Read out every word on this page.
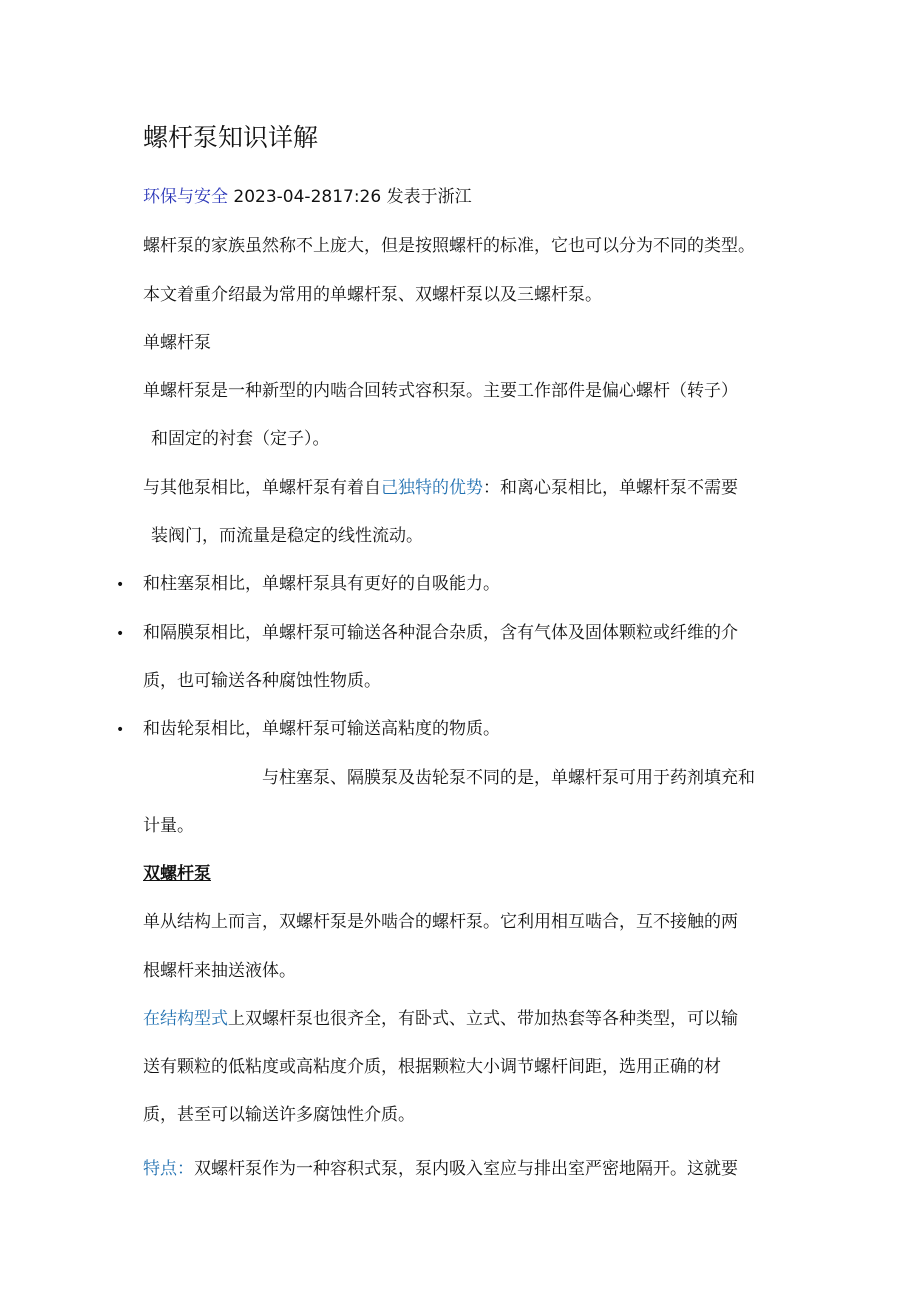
螺杆泵知识详解

环保与安全 2023-04-2817:26 发表于浙江

螺杆泵的家族虽然称不上庞大，但是按照螺杆的标准，它也可以分为不同的类型。

本文着重介绍最为常用的单螺杆泵、双螺杆泵以及三螺杆泵。

单螺杆泵

单螺杆泵是一种新型的内啮合回转式容积泵。主要工作部件是偏心螺杆（转子）

和固定的衬套（定子）。

与其他泵相比，单螺杆泵有着自己独特的优势：和离心泵相比，单螺杆泵不需要

装阀门，而流量是稳定的线性流动。

• 和柱塞泵相比，单螺杆泵具有更好的自吸能力。

• 和隔膜泵相比，单螺杆泵可输送各种混合杂质，含有气体及固体颗粒或纤维的介

质，也可输送各种腐蚀性物质。

• 和齿轮泵相比，单螺杆泵可输送高粘度的物质。

与柱塞泵、隔膜泵及齿轮泵不同的是，单螺杆泵可用于药剂填充和

计量。

双螺杆泵

单从结构上而言，双螺杆泵是外啮合的螺杆泵。它利用相互啮合，互不接触的两

根螺杆来抽送液体。

在结构型式上双螺杆泵也很齐全，有卧式、立式、带加热套等各种类型，可以输

送有颗粒的低粘度或高粘度介质，根据颗粒大小调节螺杆间距，选用正确的材

质，甚至可以输送许多腐蚀性介质。

特点：双螺杆泵作为一种容积式泵，泵内吸入室应与排出室严密地隔开。这就要
